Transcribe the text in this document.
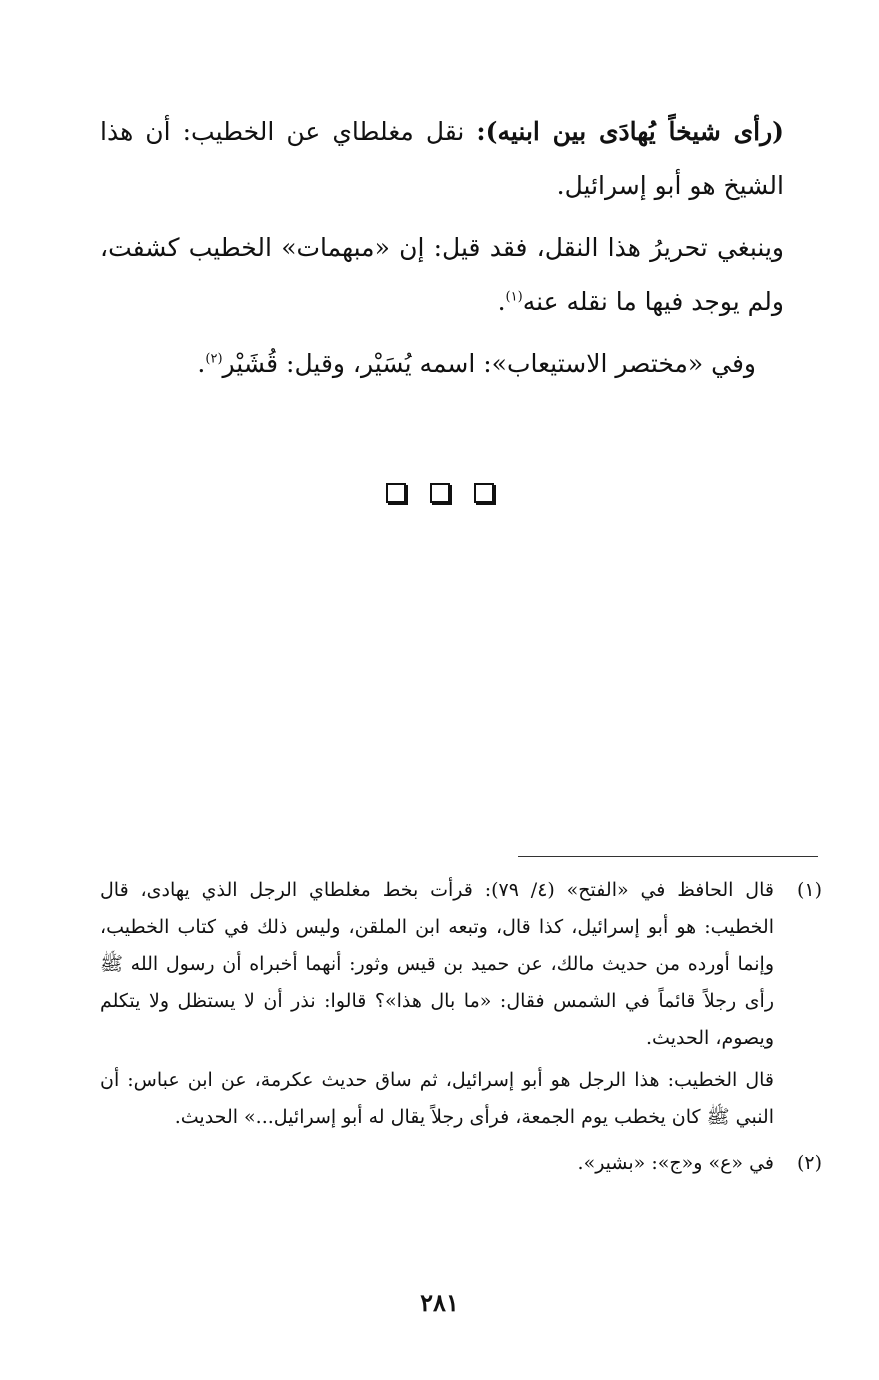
(رأى شيخاً يُهادَى بين ابنيه): نقل مغلطاي عن الخطيب: أن هذا الشيخ هو أبو إسرائيل.

وينبغي تحريرُ هذا النقل، فقد قيل: إن «مبهمات» الخطيب كشفت، ولم يوجد فيها ما نقله عنه$^{(١)}$.

وفي «مختصر الاستيعاب»: اسمه يُسَيْر، وقيل: قُشَيْر$^{(٢)}$.

(١)

قال الحافظ في «الفتح» (٤/ ٧٩): قرأت بخط مغلطاي الرجل الذي يهادى، قال الخطيب: هو أبو إسرائيل، كذا قال، وتبعه ابن الملقن، وليس ذلك في كتاب الخطيب، وإنما أورده من حديث مالك، عن حميد بن قيس وثور: أنهما أخبراه أن رسول الله ﷺ رأى رجلاً قائماً في الشمس فقال: «ما بال هذا»؟ قالوا: نذر أن لا يستظل ولا يتكلم ويصوم، الحديث.

قال الخطيب: هذا الرجل هو أبو إسرائيل، ثم ساق حديث عكرمة، عن ابن عباس: أن النبي ﷺ كان يخطب يوم الجمعة، فرأى رجلاً يقال له أبو إسرائيل...» الحديث.

(٢)

في «ع» و«ج»: «بشير».

٢٨١
